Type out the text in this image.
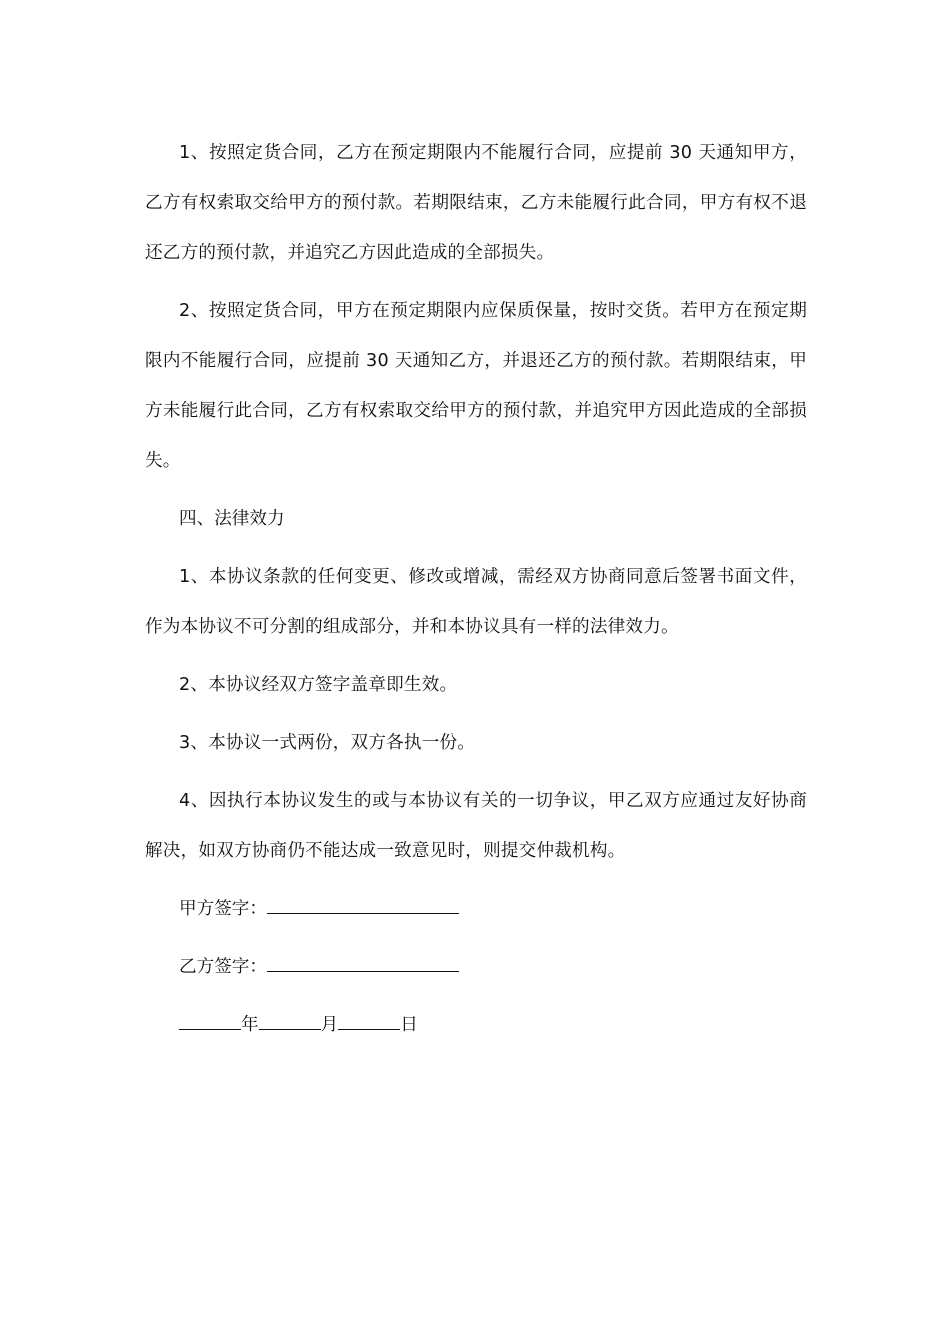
1、按照定货合同，乙方在预定期限内不能履行合同，应提前 30 天通知甲方，乙方有权索取交给甲方的预付款。若期限结束，乙方未能履行此合同，甲方有权不退还乙方的预付款，并追究乙方因此造成的全部损失。

2、按照定货合同，甲方在预定期限内应保质保量，按时交货。若甲方在预定期限内不能履行合同，应提前 30 天通知乙方，并退还乙方的预付款。若期限结束，甲方未能履行此合同，乙方有权索取交给甲方的预付款，并追究甲方因此造成的全部损失。

四、法律效力

1、本协议条款的任何变更、修改或增减，需经双方协商同意后签署书面文件，作为本协议不可分割的组成部分，并和本协议具有一样的法律效力。

2、本协议经双方签字盖章即生效。

3、本协议一式两份，双方各执一份。

4、因执行本协议发生的或与本协议有关的一切争议，甲乙双方应通过友好协商解决，如双方协商仍不能达成一致意见时，则提交仲裁机构。

甲方签字：
乙方签字：
年	月	日
